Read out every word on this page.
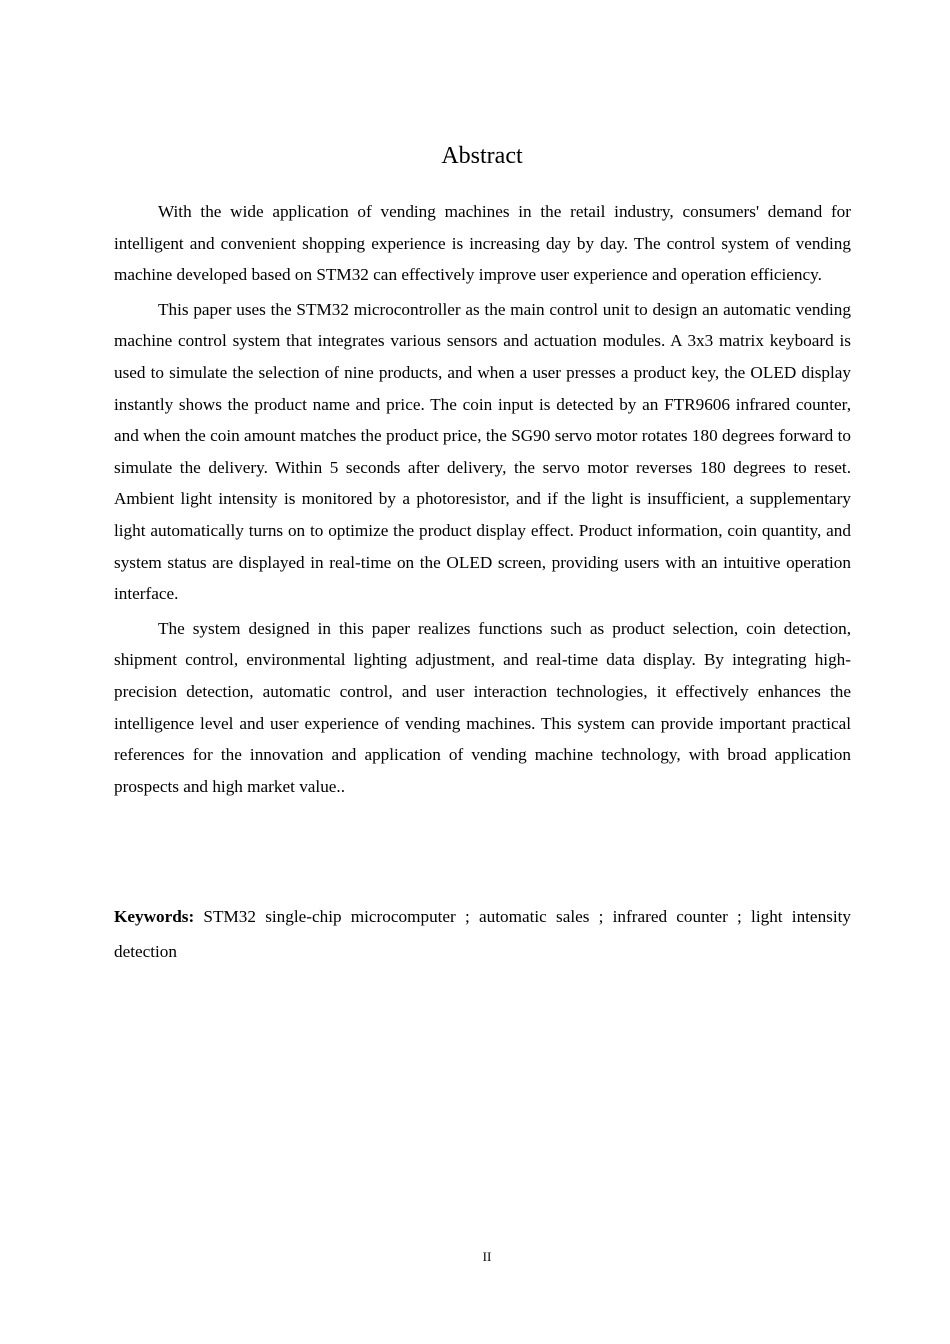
Abstract

With the wide application of vending machines in the retail industry, consumers' demand for intelligent and convenient shopping experience is increasing day by day. The control system of vending machine developed based on STM32 can effectively improve user experience and operation efficiency.

This paper uses the STM32 microcontroller as the main control unit to design an automatic vending machine control system that integrates various sensors and actuation modules. A 3x3 matrix keyboard is used to simulate the selection of nine products, and when a user presses a product key, the OLED display instantly shows the product name and price. The coin input is detected by an FTR9606 infrared counter, and when the coin amount matches the product price, the SG90 servo motor rotates 180 degrees forward to simulate the delivery. Within 5 seconds after delivery, the servo motor reverses 180 degrees to reset. Ambient light intensity is monitored by a photoresistor, and if the light is insufficient, a supplementary light automatically turns on to optimize the product display effect. Product information, coin quantity, and system status are displayed in real-time on the OLED screen, providing users with an intuitive operation interface.

The system designed in this paper realizes functions such as product selection, coin detection, shipment control, environmental lighting adjustment, and real-time data display. By integrating high-precision detection, automatic control, and user interaction technologies, it effectively enhances the intelligence level and user experience of vending machines. This system can provide important practical references for the innovation and application of vending machine technology, with broad application prospects and high market value..

Keywords: STM32 single-chip microcomputer ; automatic sales ; infrared counter ; light intensity detection

II
